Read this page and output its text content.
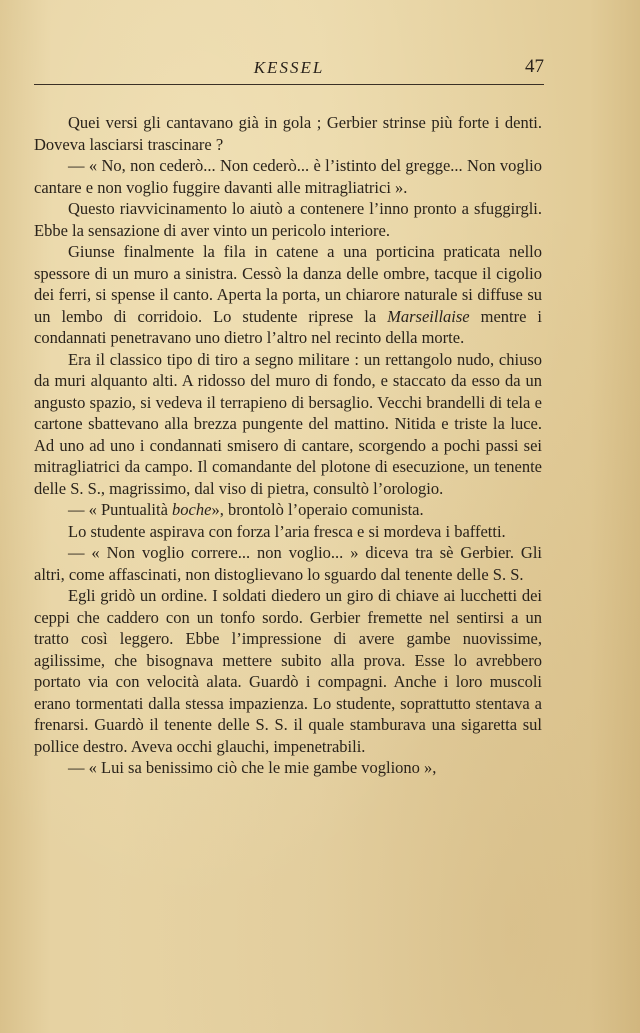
KESSEL	47

Quei versi gli cantavano già in gola ; Gerbier strinse più forte i denti. Doveva lasciarsi trascinare ?

— « No, non cederò... Non cederò... è l’istinto del gregge... Non voglio cantare e non voglio fuggire davanti alle mitragliatrici ».

Questo riavvicinamento lo aiutò a contenere l’inno pronto a sfuggirgli. Ebbe la sensazione di aver vinto un pericolo interiore.

Giunse finalmente la fila in catene a una porticina praticata nello spessore di un muro a sinistra. Cessò la danza delle ombre, tacque il cigolio dei ferri, si spense il canto. Aperta la porta, un chiarore naturale si diffuse su un lembo di corridoio. Lo studente riprese la Marseillaise mentre i condannati penetravano uno dietro l’altro nel recinto della morte.

Era il classico tipo di tiro a segno militare : un rettangolo nudo, chiuso da muri alquanto alti. A ridosso del muro di fondo, e staccato da esso da un angusto spazio, si vedeva il terrapieno di bersaglio. Vecchi brandelli di tela e cartone sbattevano alla brezza pungente del mattino. Nitida e triste la luce. Ad uno ad uno i condannati smisero di cantare, scorgendo a pochi passi sei mitragliatrici da campo. Il comandante del plotone di esecuzione, un tenente delle S. S., magrissimo, dal viso di pietra, consultò l’orologio.

— « Puntualità boche», brontolò l’operaio comunista.

Lo studente aspirava con forza l’aria fresca e si mordeva i baffetti.

— « Non voglio correre... non voglio... » diceva tra sè Gerbier. Gli altri, come affascinati, non distoglievano lo sguardo dal tenente delle S. S.

Egli gridò un ordine. I soldati diedero un giro di chiave ai lucchetti dei ceppi che caddero con un tonfo sordo. Gerbier fremette nel sentirsi a un tratto così leggero. Ebbe l’impressione di avere gambe nuovissime, agilissime, che bisognava mettere subito alla prova. Esse lo avrebbero portato via con velocità alata. Guardò i compagni. Anche i loro muscoli erano tormentati dalla stessa impazienza. Lo studente, soprattutto stentava a frenarsi. Guardò il tenente delle S. S. il quale stamburava una sigaretta sul pollice destro. Aveva occhi glauchi, impenetrabili.

— « Lui sa benissimo ciò che le mie gambe vogliono »,
